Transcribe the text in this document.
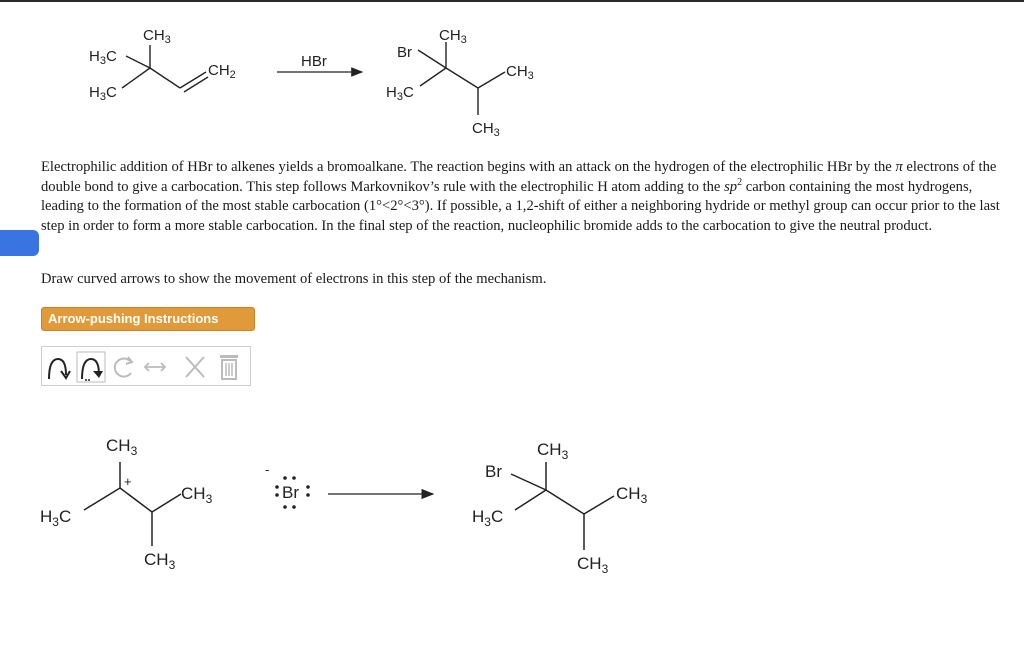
$CH_3$
$H_3C$
$H_3C$
$CH_2$
HBr
Br
$CH_3$
$H_3C$
$CH_3$
$CH_3$
$CH_3$
$H_3C$
$CH_3$
$CH_3$
+
-
Br
Br
$CH_3$
$H_3C$
$CH_3$
$CH_3$
Electrophilic addition of HBr to alkenes yields a bromoalkane. The reaction begins with an attack on the hydrogen of the electrophilic HBr by the π electrons of the double bond to give a carbocation. This step follows Markovnikov’s rule with the electrophilic H atom adding to the $sp^2$ carbon containing the most hydrogens, leading to the formation of the most stable carbocation (1°<2°<3°). If possible, a 1,2-shift of either a neighboring hydride or methyl group can occur prior to the last step in order to form a more stable carbocation. In the final step of the reaction, nucleophilic bromide adds to the carbocation to give the neutral product.
Draw curved arrows to show the movement of electrons in this step of the mechanism.
Arrow-pushing Instructions
